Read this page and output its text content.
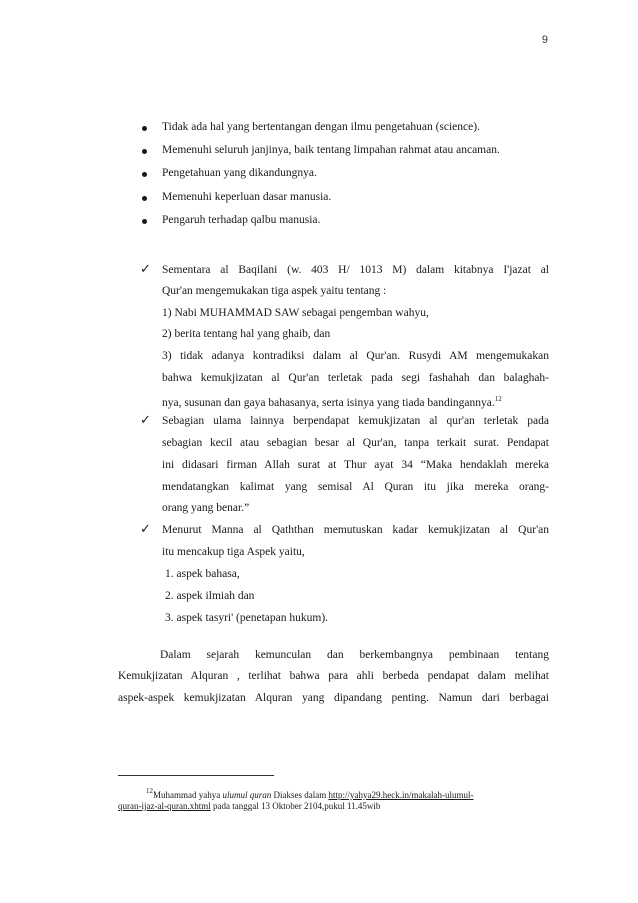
9
Tidak ada hal yang bertentangan dengan ilmu pengetahuan (science).
Memenuhi seluruh janjinya, baik tentang limpahan rahmat atau ancaman.
Pengetahuan yang dikandungnya.
Memenuhi keperluan dasar manusia.
Pengaruh terhadap qalbu manusia.
✓ Sementara al Baqilani (w. 403 H/ 1013 M) dalam kitabnya I'jazat al
Qur'an mengemukakan tiga aspek yaitu tentang :
1) Nabi MUHAMMAD SAW sebagai pengemban wahyu,
2) berita tentang hal yang ghaib, dan
3) tidak adanya kontradiksi dalam al Qur'an. Rusydi AM mengemukakan
bahwa kemukjizatan al Qur'an terletak pada segi fashahah dan balaghah-
nya, susunan dan gaya bahasanya, serta isinya yang tiada bandingannya.$^{12}$
✓ Sebagian ulama lainnya berpendapat kemukjizatan al qur'an terletak pada
sebagian kecil atau sebagian besar al Qur'an, tanpa terkait surat. Pendapat
ini didasari firman Allah surat at Thur ayat 34 “Maka hendaklah mereka
mendatangkan kalimat yang semisal Al Quran itu jika mereka orang-
orang yang benar.”
✓ Menurut Manna al Qaththan memutuskan kadar kemukjizatan al Qur'an
itu mencakup tiga Aspek yaitu,
1. aspek bahasa,
2. aspek ilmiah dan
3. aspek tasyri' (penetapan hukum).
Dalam sejarah kemunculan dan berkembangnya pembinaan tentang
Kemukjizatan Alquran , terlihat bahwa para ahli berbeda pendapat dalam melihat
aspek-aspek kemukjizatan Alquran yang dipandang penting. Namun dari berbagai
$^{12}$Muhammad yahya ulumul quran Diakses dalam http://yahya29.heck.in/makalah-ulumul-
quran-ijaz-al-quran.xhtml pada tanggal 13 Oktober 2104,pukul 11.45wib
